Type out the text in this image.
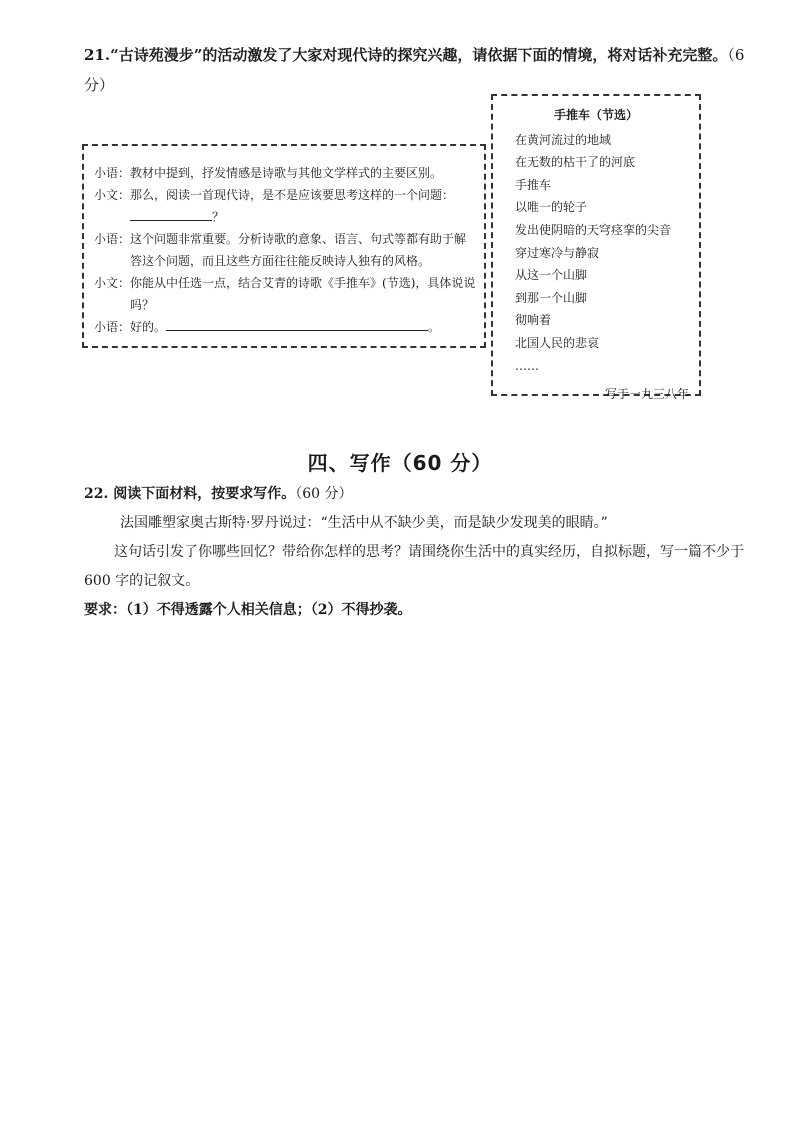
21.“古诗苑漫步”的活动激发了大家对现代诗的探究兴趣，请依据下面的情境，将对话补充完整。（6 分）
小语： 教材中提到，抒发情感是诗歌与其他文学样式的主要区别。
小文： 那么，阅读一首现代诗，是不是应该要思考这样的一个问题：
？
小语： 这个问题非常重要。分析诗歌的意象、语言、句式等都有助于解答这个问题，而且这些方面往往能反映诗人独有的风格。
小文： 你能从中任选一点，结合艾青的诗歌《手推车》(节选)，具体说说吗？
小语： 好的。	。
手推车（节选）
在黄河流过的地域
在无数的枯干了的河底
手推车
以唯一的轮子
发出使阴暗的天穹痉挛的尖音
穿过寒冷与静寂
从这一个山脚
到那一个山脚
彻响着
北国人民的悲哀
……
写于一九三八年
四、写作（60 分）
22. 阅读下面材料，按要求写作。（60 分）
法国雕塑家奥古斯特·罗丹说过：“生活中从不缺少美，而是缺少发现美的眼睛。”
这句话引发了你哪些回忆？带给你怎样的思考？请围绕你生活中的真实经历，自拟标题，写一篇不少于 600 字的记叙文。
要求：（1）不得透露个人相关信息；（2）不得抄袭。
